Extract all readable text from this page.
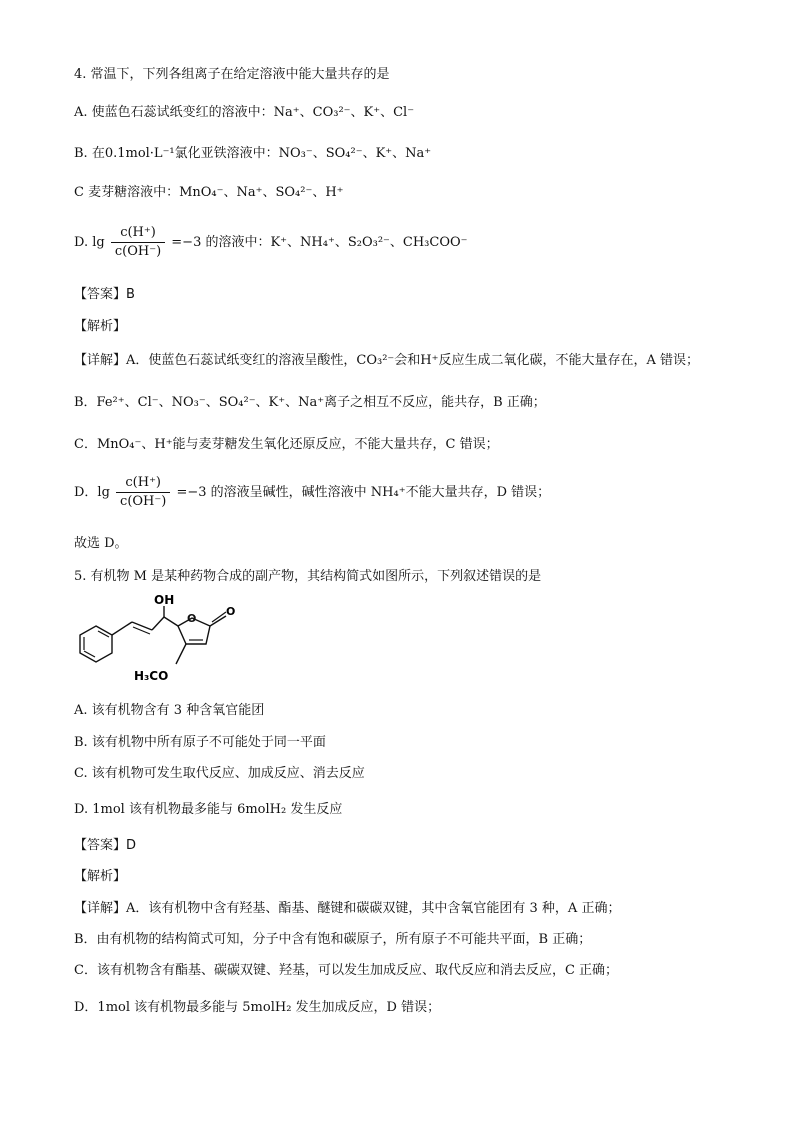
4. 常温下，下列各组离子在给定溶液中能大量共存的是
A. 使蓝色石蕊试纸变红的溶液中：Na⁺、CO₃²⁻、K⁺、Cl⁻
B. 在0.1mol·L⁻¹氯化亚铁溶液中：NO₃⁻、SO₄²⁻、K⁺、Na⁺
C 麦芽糖溶液中：MnO₄⁻、Na⁺、SO₄²⁻、H⁺
D. $\lg \frac{c(H^+)}{c(OH^-)} =-3$ 的溶液中：K⁺、NH₄⁺、S₂O₃²⁻、CH₃COO⁻
【答案】B
【解析】
【详解】A．使蓝色石蕊试纸变红的溶液呈酸性，CO₃²⁻会和H⁺反应生成二氧化碳，不能大量存在，A 错误；
B．Fe²⁺、Cl⁻、NO₃⁻、SO₄²⁻、K⁺、Na⁺离子之相互不反应，能共存，B 正确；
C．MnO₄⁻、H⁺能与麦芽糖发生氧化还原反应，不能大量共存，C 错误；
D．$\lg \frac{c(H^+)}{c(OH^-)} =-3$ 的溶液呈碱性，碱性溶液中 NH₄⁺不能大量共存，D 错误；
故选 D。
5. 有机物 M 是某种药物合成的副产物，其结构简式如图所示，下列叙述错误的是
OH
O
O
H₃CO
A. 该有机物含有 3 种含氧官能团
B. 该有机物中所有原子不可能处于同一平面
C. 该有机物可发生取代反应、加成反应、消去反应
D. 1mol 该有机物最多能与 6molH₂ 发生反应
【答案】D
【解析】
【详解】A．该有机物中含有羟基、酯基、醚键和碳碳双键，其中含氧官能团有 3 种，A 正确；
B．由有机物的结构简式可知，分子中含有饱和碳原子，所有原子不可能共平面，B 正确；
C．该有机物含有酯基、碳碳双键、羟基，可以发生加成反应、取代反应和消去反应，C 正确；
D．1mol 该有机物最多能与 5molH₂ 发生加成反应，D 错误；
